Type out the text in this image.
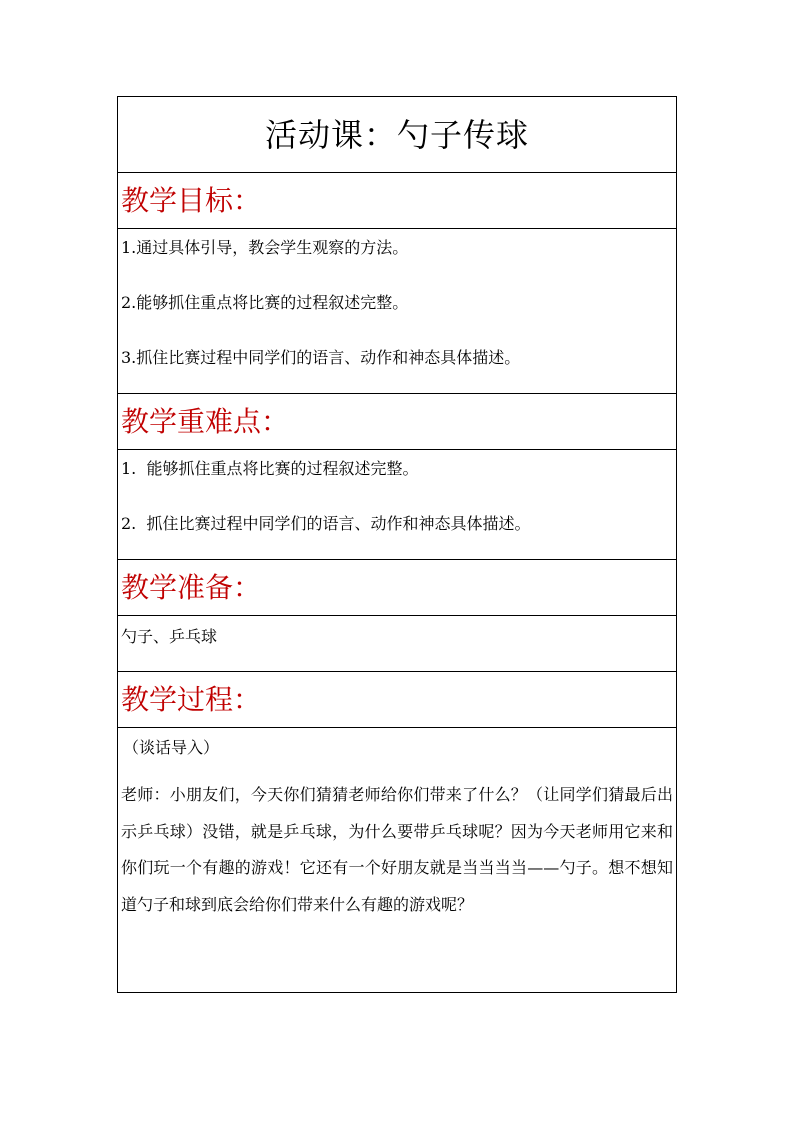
活动课：勺子传球
教学目标：

1.通过具体引导，教会学生观察的方法。

2.能够抓住重点将比赛的过程叙述完整。

3.抓住比赛过程中同学们的语言、动作和神态具体描述。

教学重难点：

1.  能够抓住重点将比赛的过程叙述完整。

2.  抓住比赛过程中同学们的语言、动作和神态具体描述。

教学准备：

勺子、乒乓球

教学过程：

（谈话导入）

老师：小朋友们，今天你们猜猜老师给你们带来了什么？（让同学们猜最后出示乒乓球）没错，就是乒乓球，为什么要带乒乓球呢？因为今天老师用它来和你们玩一个有趣的游戏！它还有一个好朋友就是当当当当——勺子。想不想知道勺子和球到底会给你们带来什么有趣的游戏呢？
